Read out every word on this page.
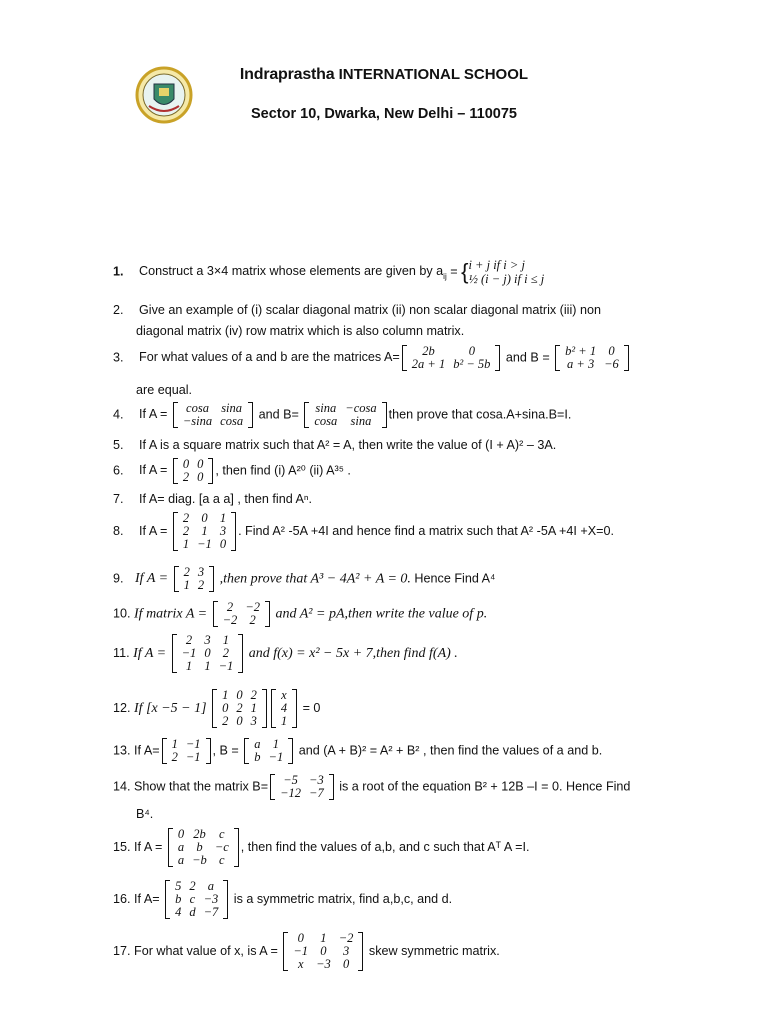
Indraprastha INTERNATIONAL SCHOOL
Sector 10, Dwarka, New Delhi – 110075
1. Construct a 3×4 matrix whose elements are given by $a_{ij} = \{i + j$ if i > j
½ (i − j) if i ≤ j
2. Give an example of (i) scalar diagonal matrix (ii) non scalar diagonal matrix (iii) non
diagonal matrix (iv) row matrix which is also column matrix.
3. For what values of a and b are the matrices A= 2b	0
2a + 1	b² − 5b and B = b² + 1	0
a + 3	−6
are equal.
4. If A = cosa	sina
−sina	cosa and B= sina	−cosa
cosa	sina then prove that cosa.A+sina.B=I.
5. If A is a square matrix such that A² = A, then write the value of (I + A)² – 3A.
6. If A = 0	0
2	0 , then find (i) A²⁰ (ii) A³⁵ .
7. If A= diag. [a a a] , then find Aⁿ.
8. If A =
2	0	1
2	1	3
1	−1	0
. Find A² -5A +4I and hence find a matrix such that A² -5A +4I +X=0.
9. If A = 2	3
1	2 ,then prove that A³ − 4A² + A = 0. Hence Find A⁴
10. If matrix A = 2	−2
−2	2 and A² = pA,then write the value of p.
11. If A =
2	3	1
−1	0	2
1	1	−1
and f(x) = x² − 5x + 7,then find f(A) .
12. If [x −5 − 1]
1	0	2
0	2	1
2	0	3
x
4
1
= 0
13. If A= 1	−1
2	−1 , B = a	1
b	−1 and (A + B)² = A² + B² , then find the values of a and b.
14. Show that the matrix B= −5	−3
−12	−7 is a root of the equation B² + 12B –I = 0. Hence Find
B⁴.
15. If A =
0	2b	c
a	b	−c
a	−b	c
, then find the values of a,b, and c such that Aᵀ A =I.
16. If A=
5	2	a
b	c	−3
4	d	−7
is a symmetric matrix, find a,b,c, and d.
17. For what value of x, is A =
0	1	−2
−1	0	3
x	−3	0
skew symmetric matrix.
